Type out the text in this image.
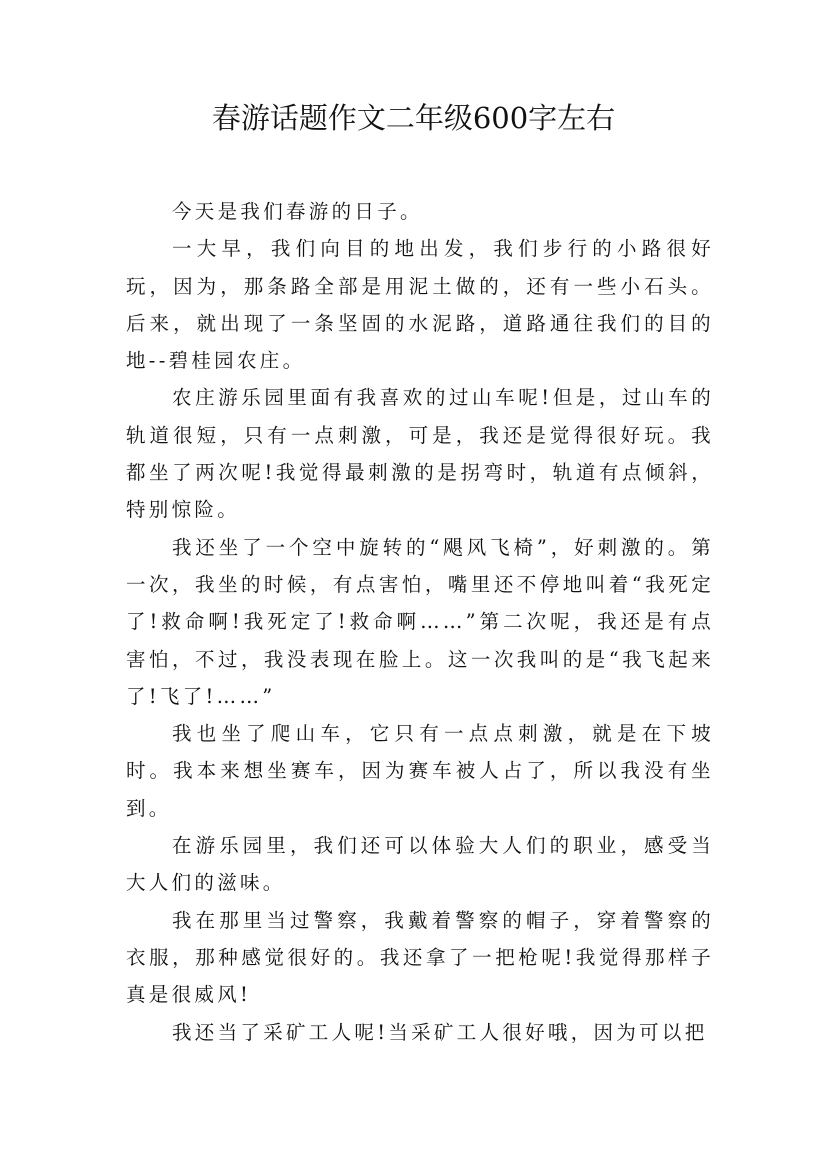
春游话题作文二年级600字左右

今天是我们春游的日子。

一大早，我们向目的地出发，我们步行的小路很好玩，因为，那条路全部是用泥土做的，还有一些小石头。后来，就出现了一条坚固的水泥路，道路通往我们的目的地--碧桂园农庄。

农庄游乐园里面有我喜欢的过山车呢!但是，过山车的轨道很短，只有一点刺激，可是，我还是觉得很好玩。我都坐了两次呢!我觉得最刺激的是拐弯时，轨道有点倾斜，特别惊险。

我还坐了一个空中旋转的“飓风飞椅”，好刺激的。第一次，我坐的时候，有点害怕，嘴里还不停地叫着“我死定了!救命啊!我死定了!救命啊……”第二次呢，我还是有点害怕，不过，我没表现在脸上。这一次我叫的是“我飞起来了!飞了!……”

我也坐了爬山车，它只有一点点刺激，就是在下坡时。我本来想坐赛车，因为赛车被人占了，所以我没有坐到。

在游乐园里，我们还可以体验大人们的职业，感受当大人们的滋味。

我在那里当过警察，我戴着警察的帽子，穿着警察的衣服，那种感觉很好的。我还拿了一把枪呢!我觉得那样子真是很威风!

我还当了采矿工人呢!当采矿工人很好哦，因为可以把
